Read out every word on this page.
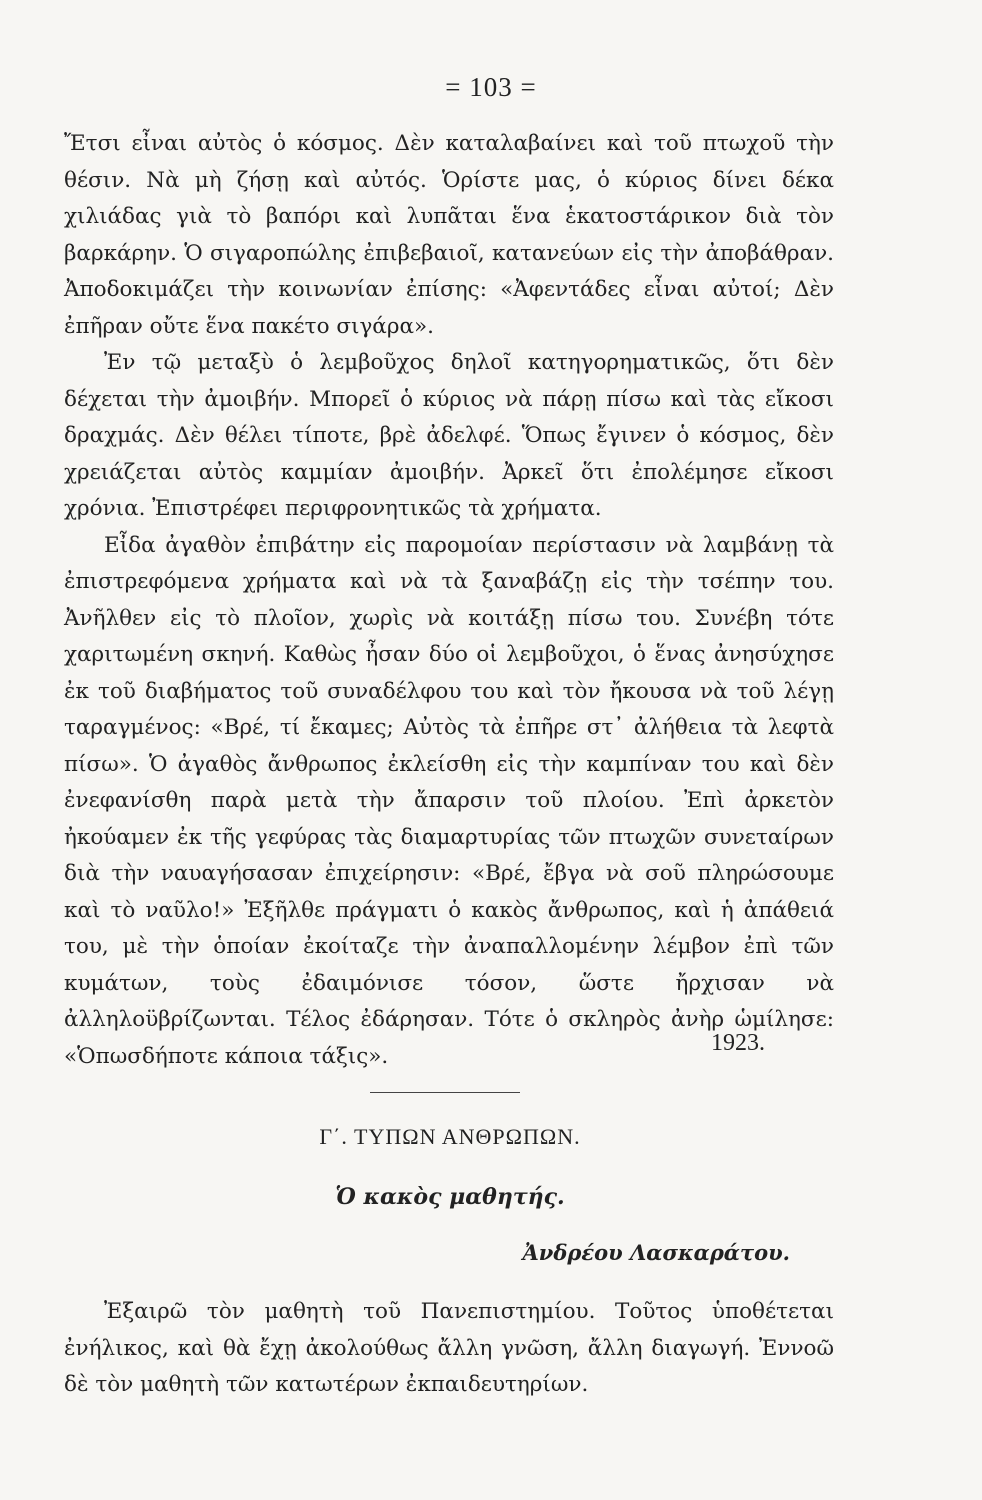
= 103 =

Ἔτσι εἶναι αὐτὸς ὁ κόσμος. Δὲν καταλαβαίνει καὶ τοῦ πτωχοῦ τὴν θέσιν. Νὰ μὴ ζήσῃ καὶ αὐτός. Ὁρίστε μας, ὁ κύριος δίνει δέκα χιλιάδας γιὰ τὸ βαπόρι καὶ λυπᾶται ἕνα ἑκατοστάρικον διὰ τὸν βαρκάρην. Ὁ σιγαροπώλης ἐπιβεβαιοῖ, κατανεύων εἰς τὴν ἀποβάθραν. Ἀποδοκιμάζει τὴν κοινωνίαν ἐπίσης: «Ἀφεντάδες εἶναι αὐτοί; Δὲν ἐπῆραν οὔτε ἕνα πακέτο σιγάρα».

Ἐν τῷ μεταξὺ ὁ λεμβοῦχος δηλοῖ κατηγορηματικῶς, ὅτι δὲν δέχεται τὴν ἀμοιβήν. Μπορεῖ ὁ κύριος νὰ πάρῃ πίσω καὶ τὰς εἴκοσι δραχμάς. Δὲν θέλει τίποτε, βρὲ ἀδελφέ. Ὅπως ἔγινεν ὁ κόσμος, δὲν χρειάζεται αὐτὸς καμμίαν ἀμοιβήν. Ἀρκεῖ ὅτι ἐπολέμησε εἴκοσι χρόνια. Ἐπιστρέφει περιφρονητικῶς τὰ χρήματα.

Εἶδα ἀγαθὸν ἐπιβάτην εἰς παρομοίαν περίστασιν νὰ λαμβάνῃ τὰ ἐπιστρεφόμενα χρήματα καὶ νὰ τὰ ξαναβάζῃ εἰς τὴν τσέπην του. Ἀνῆλθεν εἰς τὸ πλοῖον, χωρὶς νὰ κοιτάξῃ πίσω του. Συνέβη τότε χαριτωμένη σκηνή. Καθὼς ἦσαν δύο οἱ λεμβοῦχοι, ὁ ἕνας ἀνησύχησε ἐκ τοῦ διαβήματος τοῦ συναδέλφου του καὶ τὸν ἤκουσα νὰ τοῦ λέγῃ ταραγμένος: «Βρέ, τί ἔκαμες; Αὐτὸς τὰ ἐπῆρε στ᾽ ἀλήθεια τὰ λεφτὰ πίσω». Ὁ ἀγαθὸς ἄνθρωπος ἐκλείσθη εἰς τὴν καμπίναν του καὶ δὲν ἐνεφανίσθη παρὰ μετὰ τὴν ἄπαρσιν τοῦ πλοίου. Ἐπὶ ἀρκετὸν ἠκούαμεν ἐκ τῆς γεφύρας τὰς διαμαρτυρίας τῶν πτωχῶν συνεταίρων διὰ τὴν ναυαγήσασαν ἐπιχείρησιν: «Βρέ, ἔβγα νὰ σοῦ πληρώσουμε καὶ τὸ ναῦλο!» Ἐξῆλθε πράγματι ὁ κακὸς ἄνθρωπος, καὶ ἡ ἀπάθειά του, μὲ τὴν ὁποίαν ἐκοίταζε τὴν ἀναπαλλομένην λέμβον ἐπὶ τῶν κυμάτων, τοὺς ἐδαιμόνισε τόσον, ὥστε ἤρχισαν νὰ ἀλληλοϋβρίζωνται. Τέλος ἐδάρησαν. Τότε ὁ σκληρὸς ἀνὴρ ὡμίλησε: «Ὁπωσδήποτε κάποια τάξις».	1923.
Γ΄. ΤΥΠΩΝ ΑΝΘΡΩΠΩΝ.
Ὁ κακὸς μαθητής.
Ἀνδρέου Λασκαράτου.

Ἐξαιρῶ τὸν μαθητὴ τοῦ Πανεπιστημίου. Τοῦτος ὑποθέτεται ἐνήλικος, καὶ θὰ ἔχῃ ἀκολούθως ἄλλη γνῶση, ἄλλη διαγωγή. Ἐννοῶ δὲ τὸν μαθητὴ τῶν κατωτέρων ἐκπαιδευτηρίων.
